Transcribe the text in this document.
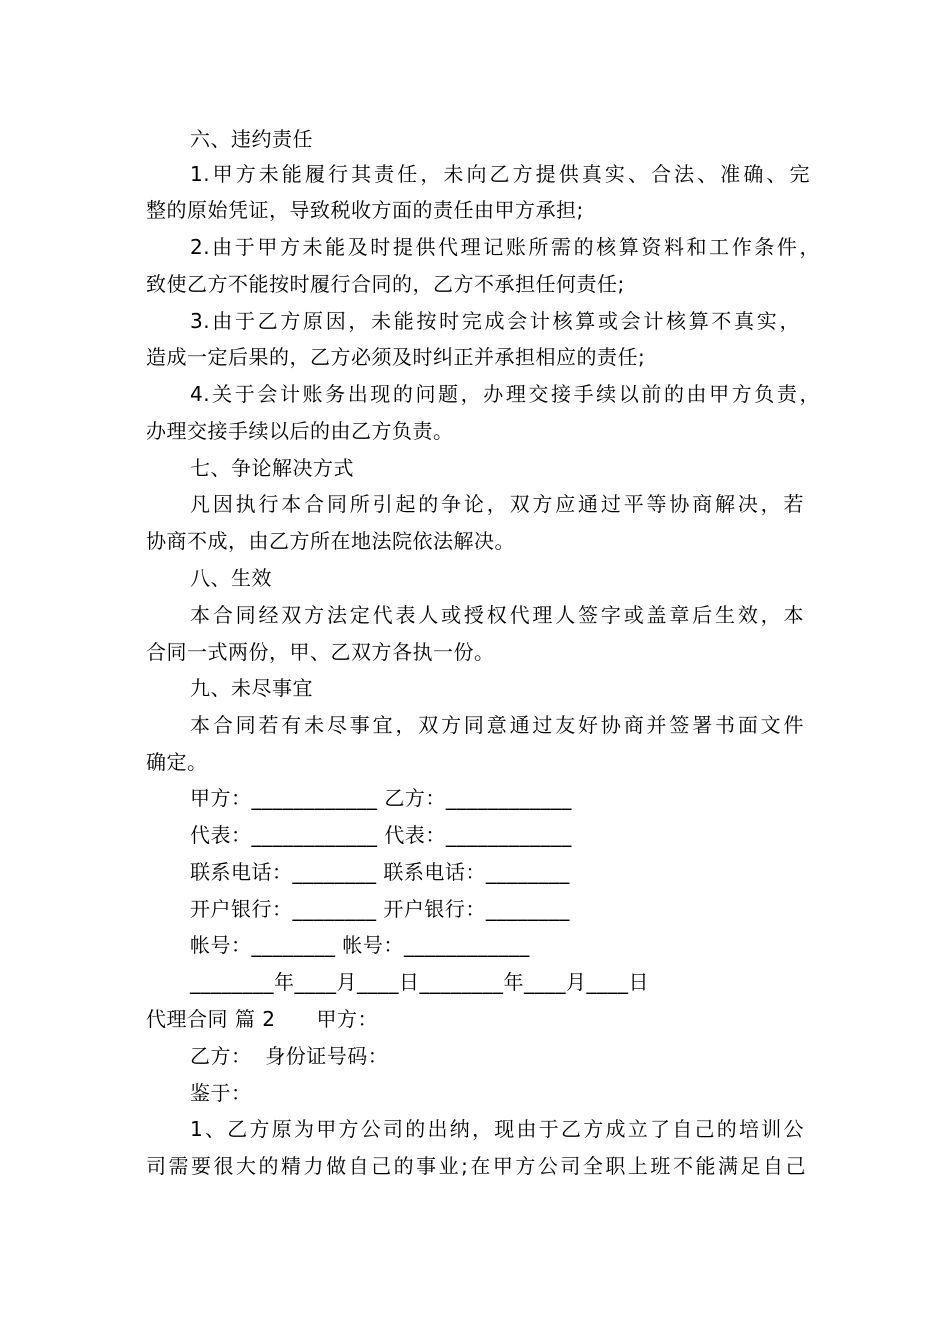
六、违约责任
1.甲方未能履行其责任，未向乙方提供真实、合法、准确、完
整的原始凭证，导致税收方面的责任由甲方承担;
2.由于甲方未能及时提供代理记账所需的核算资料和工作条件，
致使乙方不能按时履行合同的，乙方不承担任何责任;
3.由于乙方原因，未能按时完成会计核算或会计核算不真实，
造成一定后果的，乙方必须及时纠正并承担相应的责任;
4.关于会计账务出现的问题，办理交接手续以前的由甲方负责，
办理交接手续以后的由乙方负责。
七、争论解决方式
凡因执行本合同所引起的争论，双方应通过平等协商解决，若
协商不成，由乙方所在地法院依法解决。
八、生效
本合同经双方法定代表人或授权代理人签字或盖章后生效，本
合同一式两份，甲、乙双方各执一份。
九、未尽事宜
本合同若有未尽事宜，双方同意通过友好协商并签署书面文件
确定。
甲方：____________ 乙方：____________
代表：____________ 代表：____________
联系电话：________ 联系电话：________
开户银行：________ 开户银行：________
帐号：________ 帐号：____________
________年____月____日________年____月____日
代理合同 篇 2　　甲方：
乙方：  身份证号码：
鉴于：
1、乙方原为甲方公司的出纳，现由于乙方成立了自己的培训公
司需要很大的精力做自己的事业;在甲方公司全职上班不能满足自己
